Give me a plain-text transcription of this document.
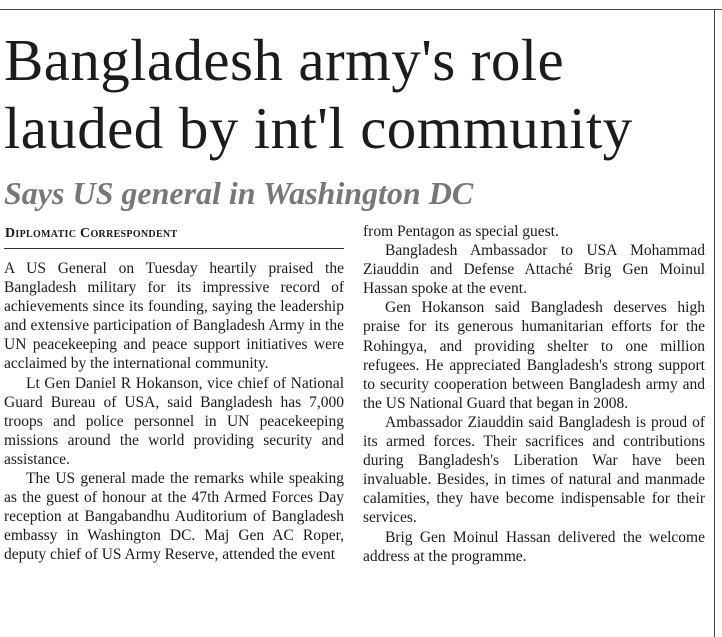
Bangladesh army's role lauded by int'l community
Says US general in Washington DC
Diplomatic Correspondent

A US General on Tuesday heartily praised the Bangladesh military for its impressive record of achievements since its founding, saying the leadership and extensive participation of Bangladesh Army in the UN peacekeeping and peace support initiatives were acclaimed by the international community.

Lt Gen Daniel R Hokanson, vice chief of National Guard Bureau of USA, said Bangladesh has 7,000 troops and police personnel in UN peacekeeping missions around the world providing security and assistance.

The US general made the remarks while speaking as the guest of honour at the 47th Armed Forces Day reception at Bangabandhu Auditorium of Bangladesh embassy in Washington DC. Maj Gen AC Roper, deputy chief of US Army Reserve, attended the event

from Pentagon as special guest.

Bangladesh Ambassador to USA Mohammad Ziauddin and Defense Attaché Brig Gen Moinul Hassan spoke at the event.

Gen Hokanson said Bangladesh deserves high praise for its generous humanitarian efforts for the Rohingya, and providing shelter to one million refugees. He appreciated Bangladesh's strong support to security cooperation between Bangladesh army and the US National Guard that began in 2008.

Ambassador Ziauddin said Bangladesh is proud of its armed forces. Their sacrifices and contributions during Bangladesh's Liberation War have been invaluable. Besides, in times of natural and manmade calamities, they have become indispensable for their services.

Brig Gen Moinul Hassan delivered the welcome address at the programme.
